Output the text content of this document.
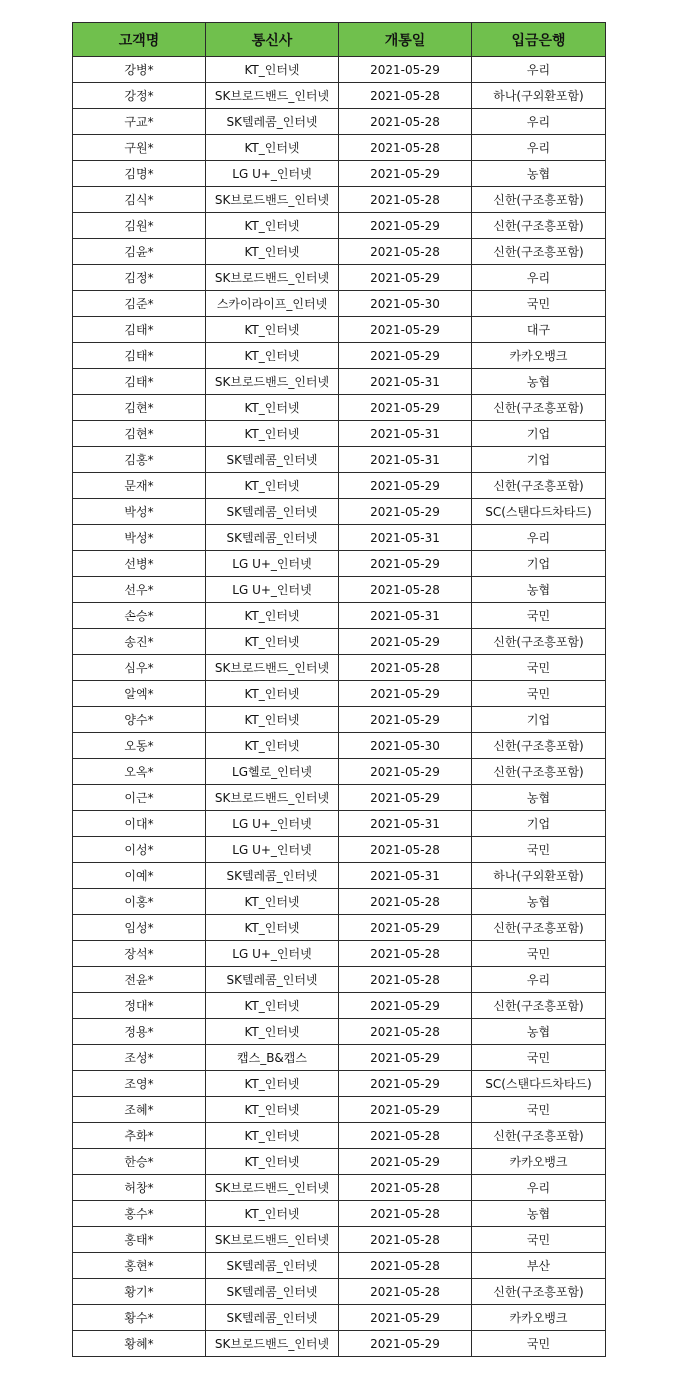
고객명	통신사	개통일	입금은행
강병*	KT_인터넷	2021-05-29	우리
강정*	SK브로드밴드_인터넷	2021-05-28	하나(구외환포함)
구교*	SK텔레콤_인터넷	2021-05-28	우리
구원*	KT_인터넷	2021-05-28	우리
김명*	LG U+_인터넷	2021-05-29	농협
김식*	SK브로드밴드_인터넷	2021-05-28	신한(구조흥포함)
김원*	KT_인터넷	2021-05-29	신한(구조흥포함)
김윤*	KT_인터넷	2021-05-28	신한(구조흥포함)
김정*	SK브로드밴드_인터넷	2021-05-29	우리
김준*	스카이라이프_인터넷	2021-05-30	국민
김태*	KT_인터넷	2021-05-29	대구
김태*	KT_인터넷	2021-05-29	카카오뱅크
김태*	SK브로드밴드_인터넷	2021-05-31	농협
김현*	KT_인터넷	2021-05-29	신한(구조흥포함)
김현*	KT_인터넷	2021-05-31	기업
김홍*	SK텔레콤_인터넷	2021-05-31	기업
문재*	KT_인터넷	2021-05-29	신한(구조흥포함)
박성*	SK텔레콤_인터넷	2021-05-29	SC(스탠다드차타드)
박성*	SK텔레콤_인터넷	2021-05-31	우리
선병*	LG U+_인터넷	2021-05-29	기업
선우*	LG U+_인터넷	2021-05-28	농협
손승*	KT_인터넷	2021-05-31	국민
송진*	KT_인터넷	2021-05-29	신한(구조흥포함)
심우*	SK브로드밴드_인터넷	2021-05-28	국민
알엑*	KT_인터넷	2021-05-29	국민
양수*	KT_인터넷	2021-05-29	기업
오동*	KT_인터넷	2021-05-30	신한(구조흥포함)
오옥*	LG헬로_인터넷	2021-05-29	신한(구조흥포함)
이근*	SK브로드밴드_인터넷	2021-05-29	농협
이대*	LG U+_인터넷	2021-05-31	기업
이성*	LG U+_인터넷	2021-05-28	국민
이예*	SK텔레콤_인터넷	2021-05-31	하나(구외환포함)
이홍*	KT_인터넷	2021-05-28	농협
임성*	KT_인터넷	2021-05-29	신한(구조흥포함)
장석*	LG U+_인터넷	2021-05-28	국민
전윤*	SK텔레콤_인터넷	2021-05-28	우리
정대*	KT_인터넷	2021-05-29	신한(구조흥포함)
정용*	KT_인터넷	2021-05-28	농협
조성*	캡스_B&캡스	2021-05-29	국민
조영*	KT_인터넷	2021-05-29	SC(스탠다드차타드)
조혜*	KT_인터넷	2021-05-29	국민
추화*	KT_인터넷	2021-05-28	신한(구조흥포함)
한승*	KT_인터넷	2021-05-29	카카오뱅크
허창*	SK브로드밴드_인터넷	2021-05-28	우리
홍수*	KT_인터넷	2021-05-28	농협
홍태*	SK브로드밴드_인터넷	2021-05-28	국민
홍현*	SK텔레콤_인터넷	2021-05-28	부산
황기*	SK텔레콤_인터넷	2021-05-28	신한(구조흥포함)
황수*	SK텔레콤_인터넷	2021-05-29	카카오뱅크
황혜*	SK브로드밴드_인터넷	2021-05-29	국민
